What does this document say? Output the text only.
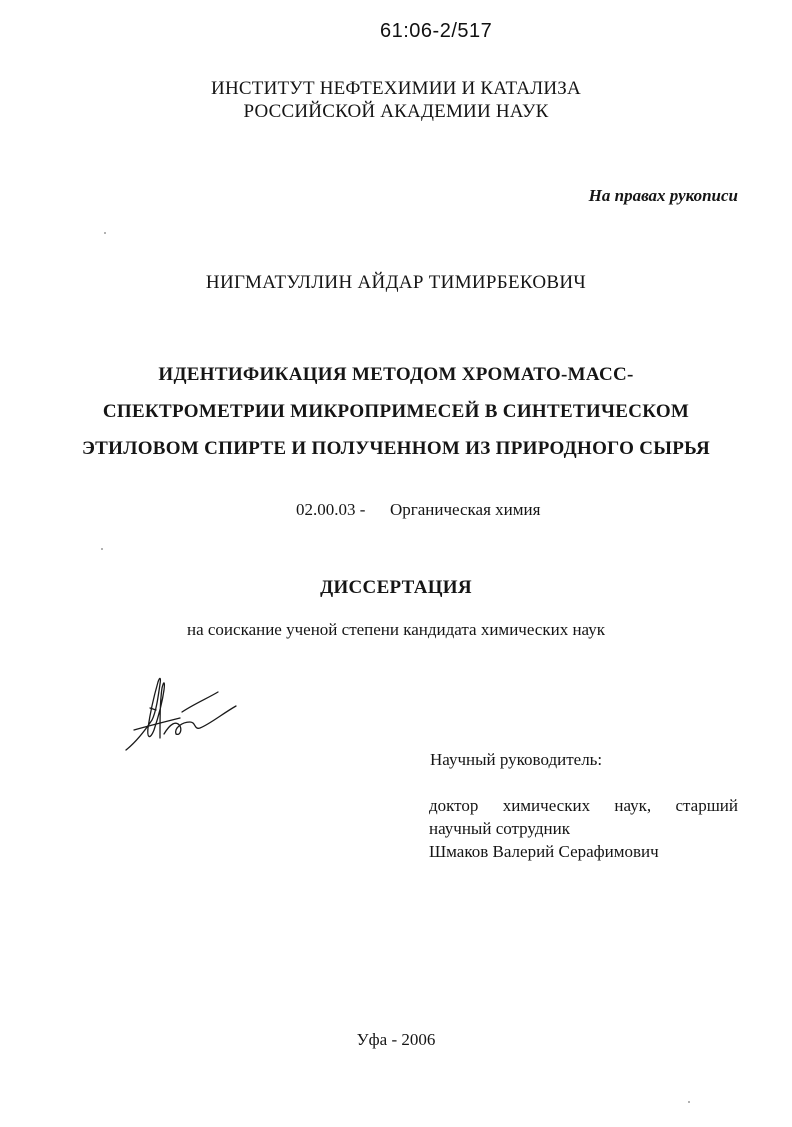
61:06-2/517
ИНСТИТУТ НЕФТЕХИМИИ И КАТАЛИЗА
РОССИЙСКОЙ АКАДЕМИИ НАУК
На правах рукописи
НИГМАТУЛЛИН АЙДАР ТИМИРБЕКОВИЧ
ИДЕНТИФИКАЦИЯ МЕТОДОМ ХРОМАТО-МАСС-
СПЕКТРОМЕТРИИ МИКРОПРИМЕСЕЙ В СИНТЕТИЧЕСКОМ
ЭТИЛОВОМ СПИРТЕ И ПОЛУЧЕННОМ ИЗ ПРИРОДНОГО СЫРЬЯ
02.00.03 - Органическая химия
ДИССЕРТАЦИЯ
на соискание ученой степени кандидата химических наук
Научный руководитель:
доктор химических наук, старший
научный сотрудник
Шмаков Валерий Серафимович
Уфа - 2006
